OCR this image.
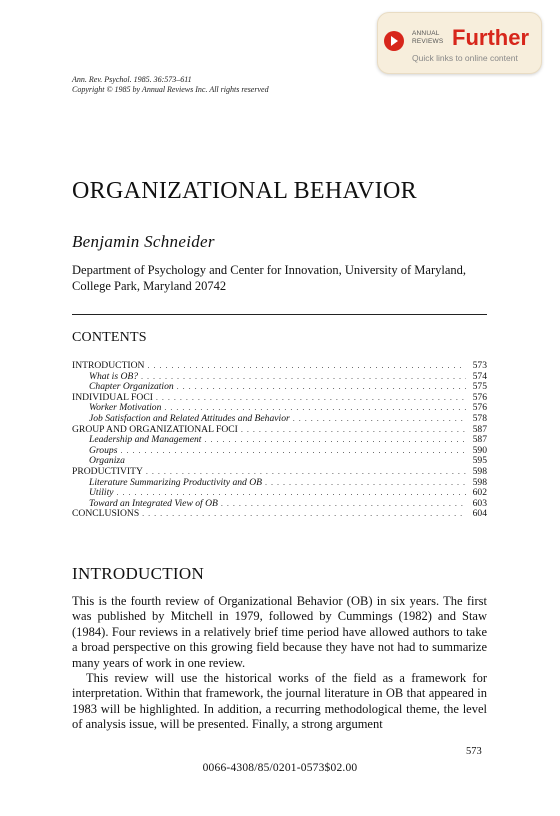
ANNUAL
REVIEWS Further
Quick links to online content
Ann. Rev. Psychol. 1985. 36:573–611
Copyright © 1985 by Annual Reviews Inc. All rights reserved
ORGANIZATIONAL BEHAVIOR
Benjamin Schneider
Department of Psychology and Center for Innovation, University of Maryland, College Park, Maryland 20742
CONTENTS
INTRODUCTION . . .	573
What is OB? . . .	574
Chapter Organization . . .	575
INDIVIDUAL FOCI . . .	576
Worker Motivation . . .	576
Job Satisfaction and Related Attitudes and Behavior . . .	578
GROUP AND ORGANIZATIONAL FOCI . . .	587
Leadership and Management . . .	587
Groups . . .	590
Organiza	595
PRODUCTIVITY . . .	598
Literature Summarizing Productivity and OB . . .	598
Utility . . .	602
Toward an Integrated View of OB . . .	603
CONCLUSIONS . . .	604
INTRODUCTION

This is the fourth review of Organizational Behavior (OB) in six years. The first was published by Mitchell in 1979, followed by Cummings (1982) and Staw (1984). Four reviews in a relatively brief time period have allowed authors to take a broad perspective on this growing field because they have not had to summarize many years of work in one review.

This review will use the historical works of the field as a framework for interpretation. Within that framework, the journal literature in OB that appeared in 1983 will be highlighted. In addition, a recurring methodological theme, the level of analysis issue, will be presented. Finally, a strong argument

573
0066-4308/85/0201-0573$02.00
